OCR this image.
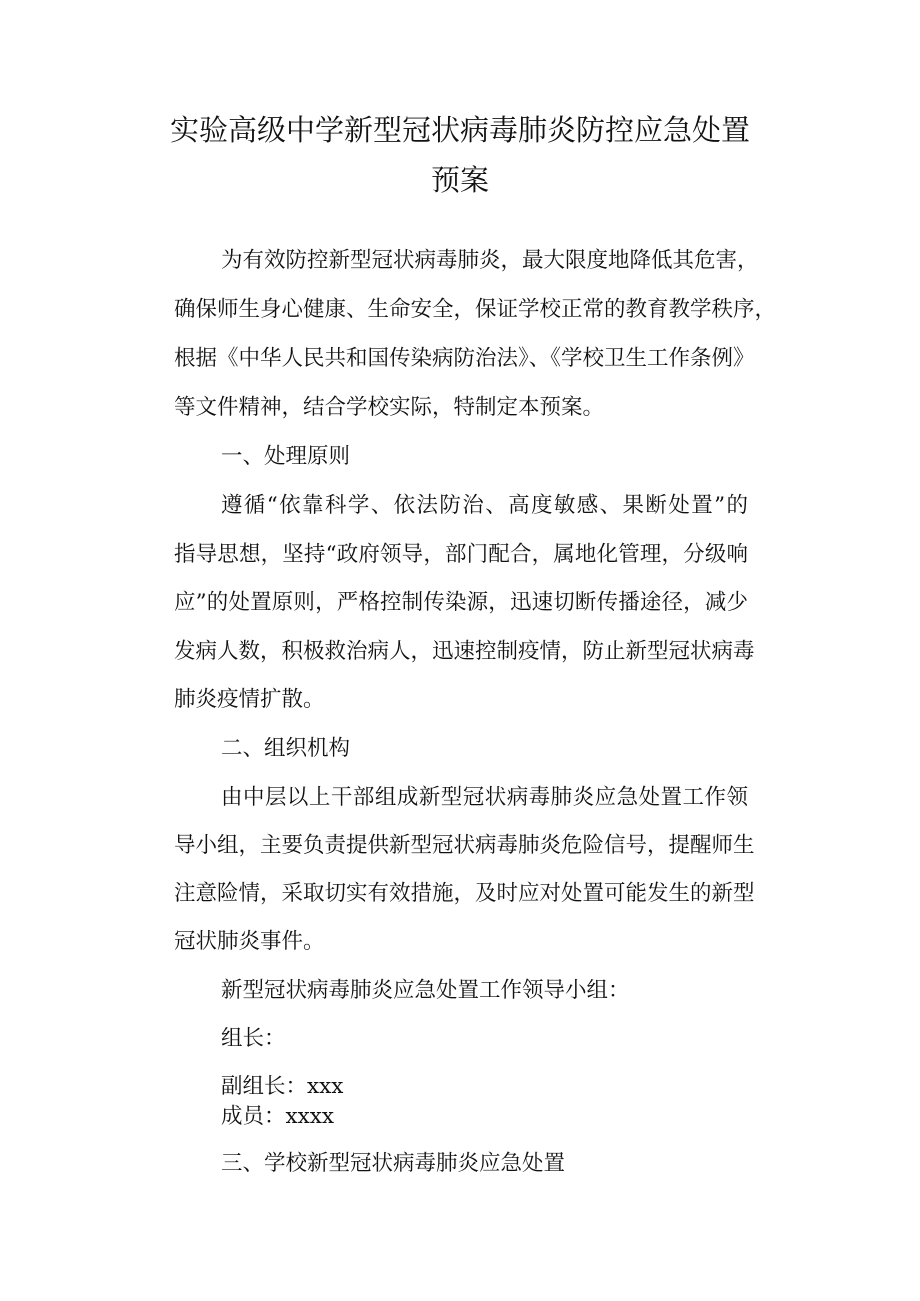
实验高级中学新型冠状病毒肺炎防控应急处置
预案

为有效防控新型冠状病毒肺炎，最大限度地降低其危害，

确保师生身心健康、生命安全，保证学校正常的教育教学秩序，

根据《中华人民共和国传染病防治法》、《学校卫生工作条例》

等文件精神，结合学校实际，特制定本预案。

一、处理原则

遵循“依靠科学、依法防治、高度敏感、果断处置”的

指导思想，坚持“政府领导，部门配合，属地化管理，分级响

应”的处置原则，严格控制传染源，迅速切断传播途径，减少

发病人数，积极救治病人，迅速控制疫情，防止新型冠状病毒

肺炎疫情扩散。

二、组织机构

由中层以上干部组成新型冠状病毒肺炎应急处置工作领

导小组，主要负责提供新型冠状病毒肺炎危险信号，提醒师生

注意险情，采取切实有效措施，及时应对处置可能发生的新型

冠状肺炎事件。

新型冠状病毒肺炎应急处置工作领导小组：

组长：

副组长：xxx

成员：xxxx

三、学校新型冠状病毒肺炎应急处置
